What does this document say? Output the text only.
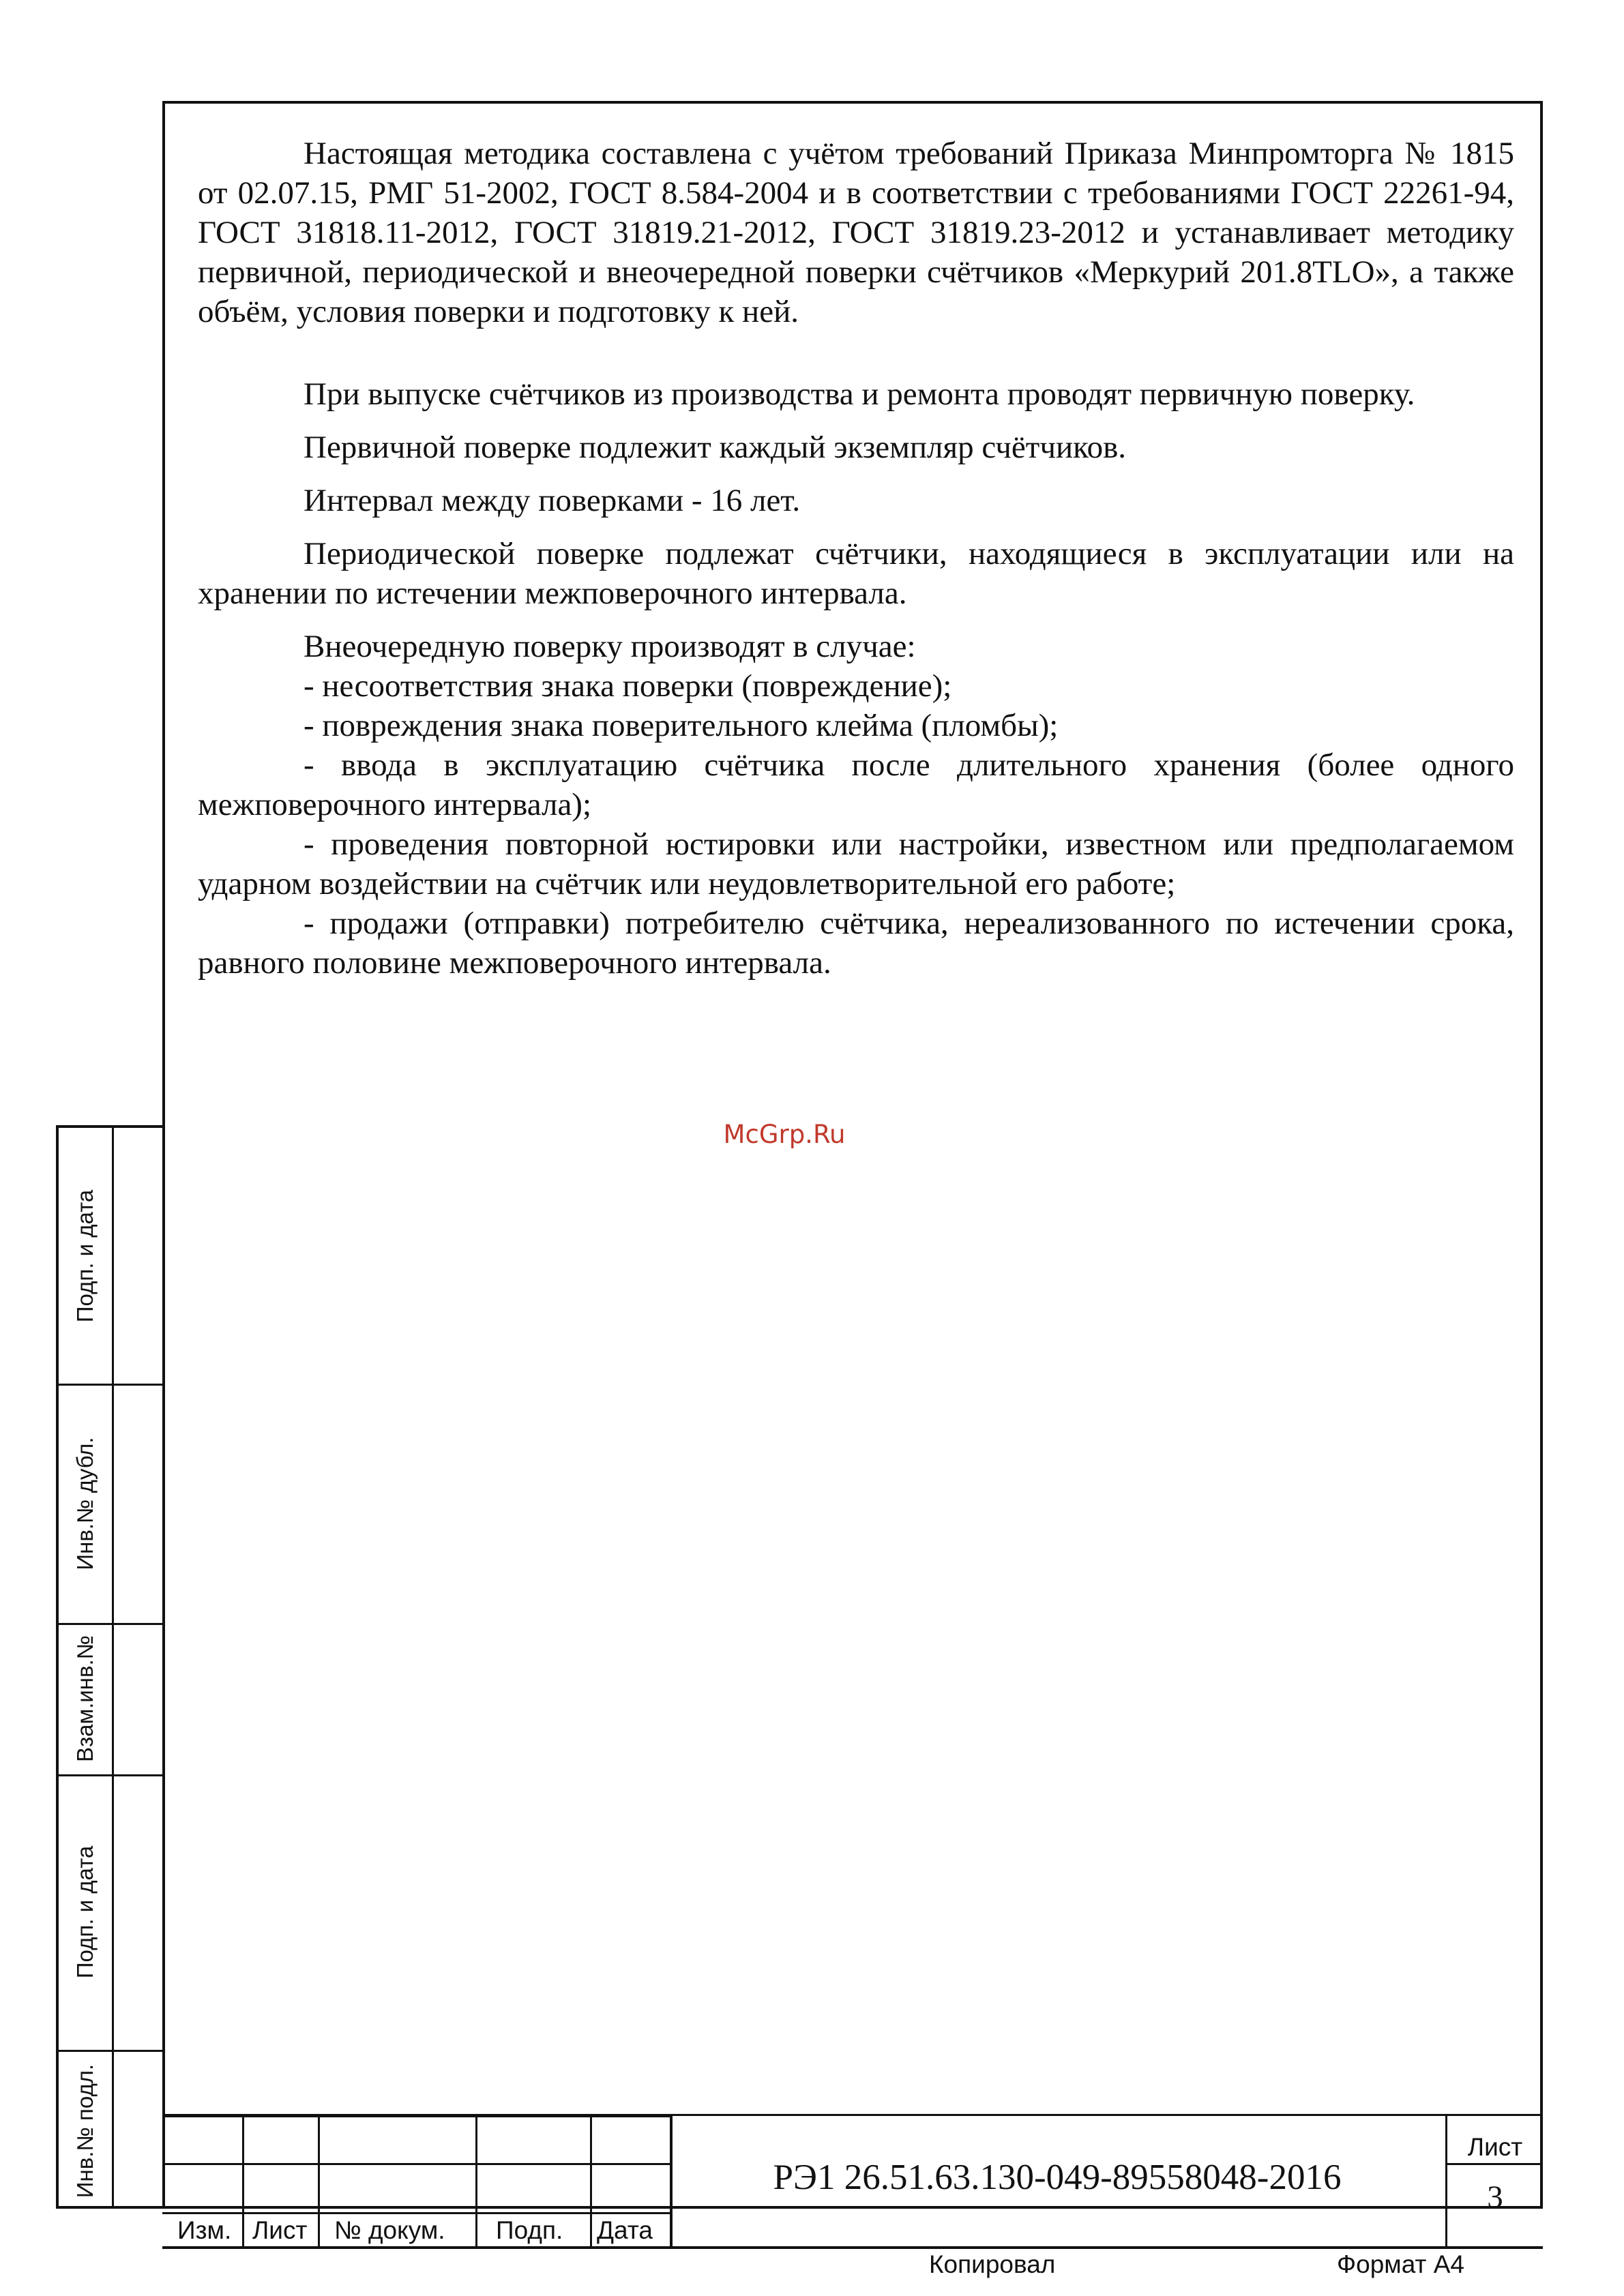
Настоящая методика составлена с учётом требований Приказа Минпромторга № 1815 от 02.07.15, РМГ 51-2002, ГОСТ 8.584-2004 и в соответствии с требованиями ГОСТ 22261-94, ГОСТ 31818.11-2012, ГОСТ 31819.21-2012, ГОСТ 31819.23-2012 и устанавливает методику первичной, периодической и внеочередной поверки счётчиков «Меркурий 201.8TLO», а также объём, условия поверки и подготовку к ней.

При выпуске счётчиков из производства и ремонта проводят первичную поверку.

Первичной поверке подлежит каждый экземпляр счётчиков.

Интервал между поверками - 16 лет.

Периодической поверке подлежат счётчики, находящиеся в эксплуатации или на хранении по истечении межповерочного интервала.

Внеочередную поверку производят в случае:

- несоответствия знака поверки (повреждение);

- повреждения знака поверительного клейма (пломбы);

- ввода в эксплуатацию счётчика после длительного хранения (более одного межповерочного интервала);

- проведения повторной юстировки или настройки, известном или предполагаемом ударном воздействии на счётчик или неудовлетворительной его работе;

- продажи (отправки) потребителю счётчика, нереализованного по истечении срока, равного половине межповерочного интервала.

McGrp.Ru
Подп. и дата
Инв.№ дубл.
Взам.инв.№
Подп. и дата
Инв.№ подл.
Изм. Лист № докум. Подп. Дата
РЭ1 26.51.63.130-049-89558048-2016
Лист
3
Копировал	Формат А4
